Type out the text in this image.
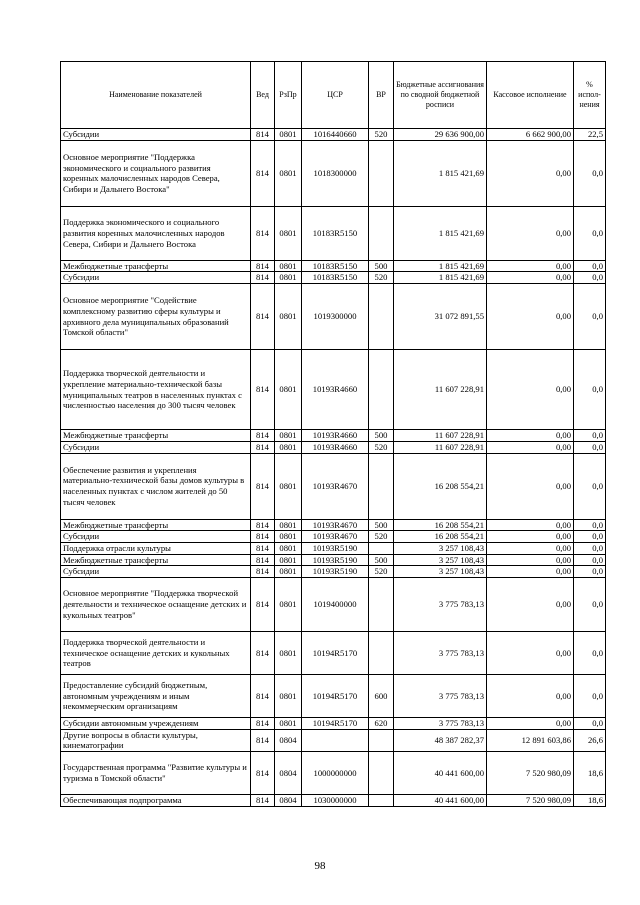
Наименование показателей	Вед	РзПр	ЦСР	ВР	Бюджетные ассигнования по сводной бюджетной росписи	Кассовое исполнение	% испол-нения
Субсидии	814	0801	1016440660	520	29 636 900,00	6 662 900,00	22,5
Основное мероприятие "Поддержка экономического и социального развития коренных малочисленных народов Севера, Сибири и Дальнего Востока"	814	0801	1018300000		1 815 421,69	0,00	0,0
Поддержка экономического и социального развития коренных малочисленных народов Севера, Сибири и Дальнего Востока	814	0801	10183R5150		1 815 421,69	0,00	0,0
Межбюджетные трансферты	814	0801	10183R5150	500	1 815 421,69	0,00	0,0
Субсидии	814	0801	10183R5150	520	1 815 421,69	0,00	0,0
Основное мероприятие "Содействие комплексному развитию сферы культуры и архивного дела муниципальных образований Томской области"	814	0801	1019300000		31 072 891,55	0,00	0,0
Поддержка творческой деятельности и укрепление материально-технической базы муниципальных театров в населенных пунктах с численностью населения до 300 тысяч человек	814	0801	10193R4660		11 607 228,91	0,00	0,0
Межбюджетные трансферты	814	0801	10193R4660	500	11 607 228,91	0,00	0,0
Субсидии	814	0801	10193R4660	520	11 607 228,91	0,00	0,0
Обеспечение развития и укрепления материально-технической базы домов культуры в населенных пунктах с числом жителей до 50 тысяч человек	814	0801	10193R4670		16 208 554,21	0,00	0,0
Межбюджетные трансферты	814	0801	10193R4670	500	16 208 554,21	0,00	0,0
Субсидии	814	0801	10193R4670	520	16 208 554,21	0,00	0,0
Поддержка отрасли культуры	814	0801	10193R5190		3 257 108,43	0,00	0,0
Межбюджетные трансферты	814	0801	10193R5190	500	3 257 108,43	0,00	0,0
Субсидии	814	0801	10193R5190	520	3 257 108,43	0,00	0,0
Основное мероприятие "Поддержка творческой деятельности и техническое оснащение детских и кукольных театров"	814	0801	1019400000		3 775 783,13	0,00	0,0
Поддержка творческой деятельности и техническое оснащение детских и кукольных театров	814	0801	10194R5170		3 775 783,13	0,00	0,0
Предоставление субсидий бюджетным, автономным учреждениям и иным некоммерческим организациям	814	0801	10194R5170	600	3 775 783,13	0,00	0,0
Субсидии автономным учреждениям	814	0801	10194R5170	620	3 775 783,13	0,00	0,0
Другие вопросы в области культуры, кинематографии	814	0804			48 387 282,37	12 891 603,86	26,6
Государственная программа "Развитие культуры и туризма в Томской области"	814	0804	1000000000		40 441 600,00	7 520 980,09	18,6
Обеспечивающая подпрограмма	814	0804	1030000000		40 441 600,00	7 520 980,09	18,6
98
